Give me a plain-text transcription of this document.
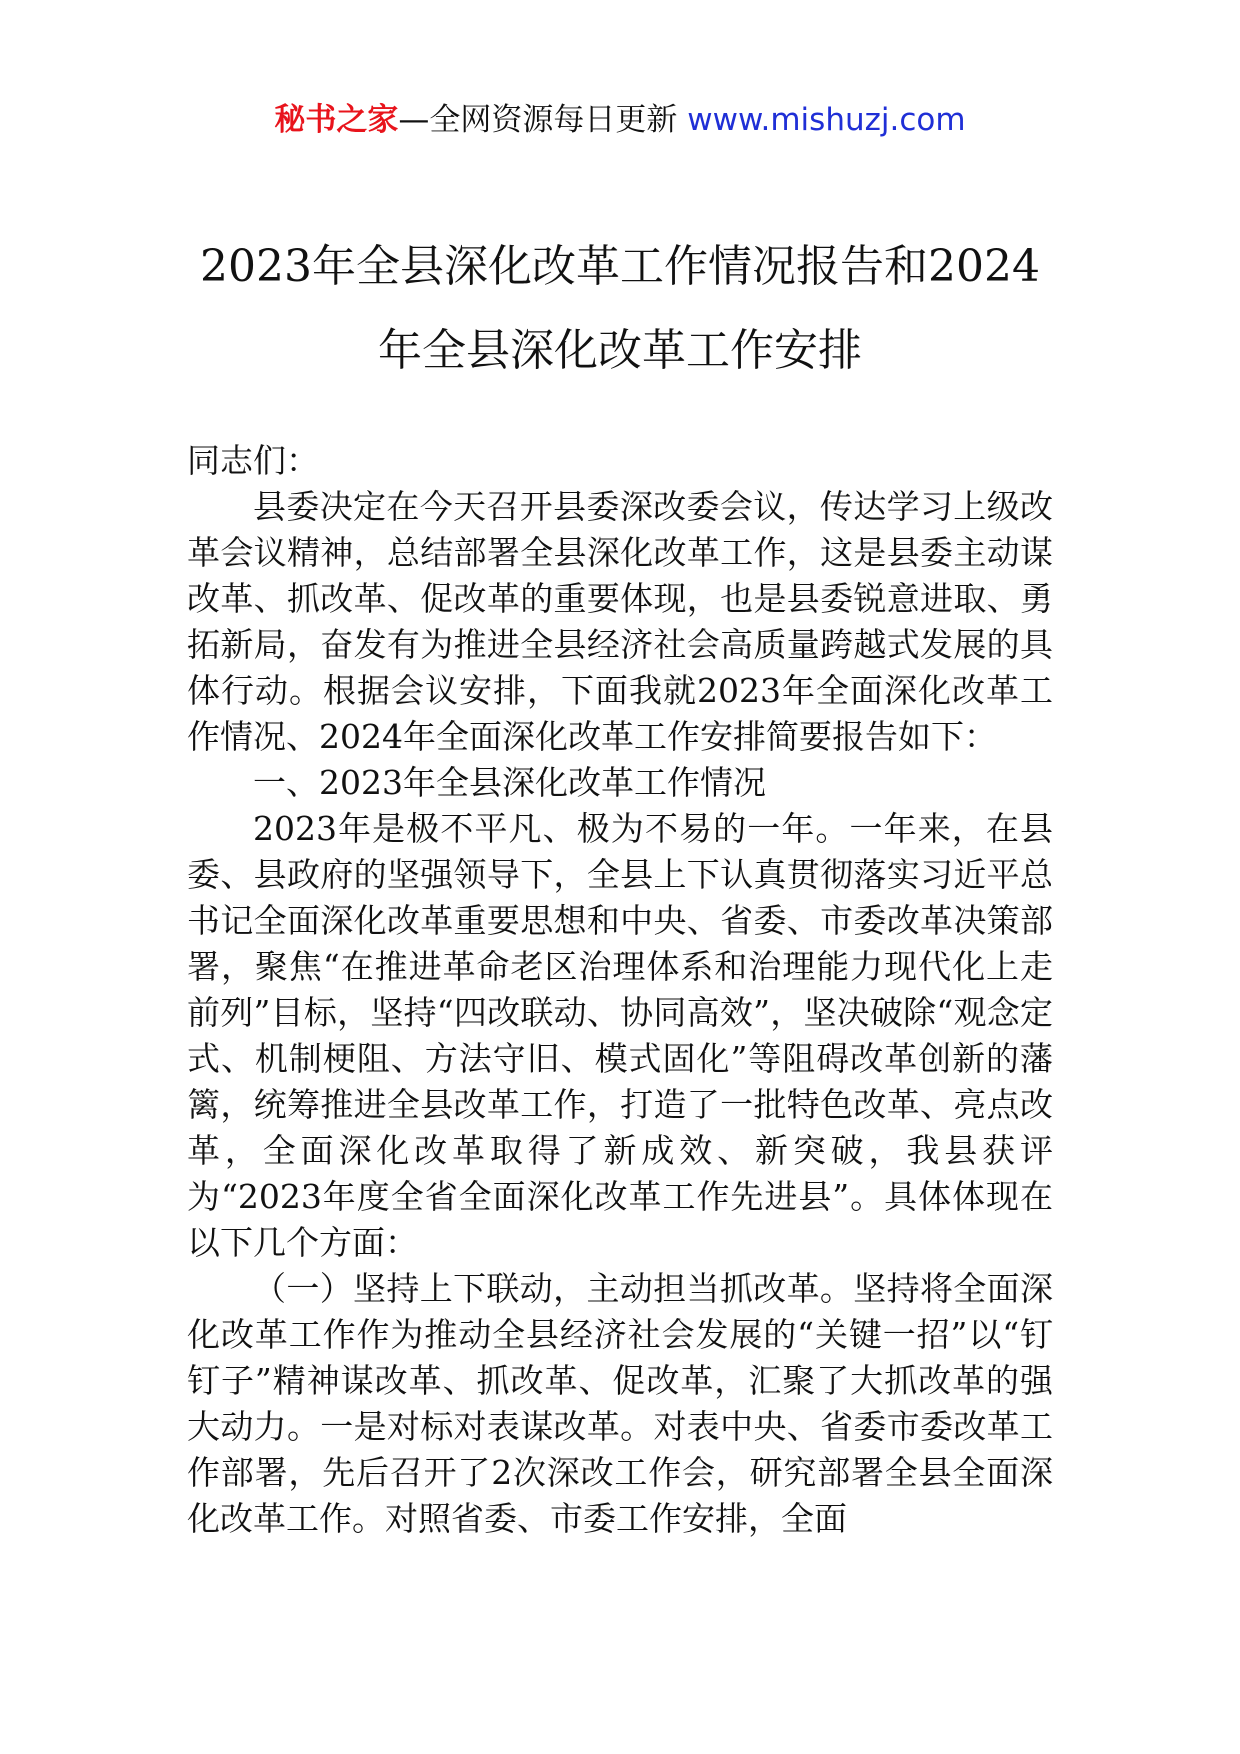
秘书之家—全网资源每日更新 www.mishuzj.com
2023年全县深化改革工作情况报告和2024年全县深化改革工作安排

同志们：

县委决定在今天召开县委深改委会议，传达学习上级改革会议精神，总结部署全县深化改革工作，这是县委主动谋改革、抓改革、促改革的重要体现，也是县委锐意进取、勇拓新局，奋发有为推进全县经济社会高质量跨越式发展的具体行动。根据会议安排，下面我就2023年全面深化改革工作情况、2024年全面深化改革工作安排简要报告如下：

一、2023年全县深化改革工作情况

2023年是极不平凡、极为不易的一年。一年来，在县委、县政府的坚强领导下，全县上下认真贯彻落实习近平总书记全面深化改革重要思想和中央、省委、市委改革决策部署，聚焦“在推进革命老区治理体系和治理能力现代化上走前列”目标，坚持“四改联动、协同高效”，坚决破除“观念定式、机制梗阻、方法守旧、模式固化”等阻碍改革创新的藩篱，统筹推进全县改革工作，打造了一批特色改革、亮点改革，全面深化改革取得了新成效、新突破，我县获评为“2023年度全省全面深化改革工作先进县”。具体体现在以下几个方面：

（一）坚持上下联动，主动担当抓改革。坚持将全面深化改革工作作为推动全县经济社会发展的“关键一招”以“钉钉子”精神谋改革、抓改革、促改革，汇聚了大抓改革的强大动力。一是对标对表谋改革。对表中央、省委市委改革工作部署，先后召开了2次深改工作会，研究部署全县全面深化改革工作。对照省委、市委工作安排，全面
